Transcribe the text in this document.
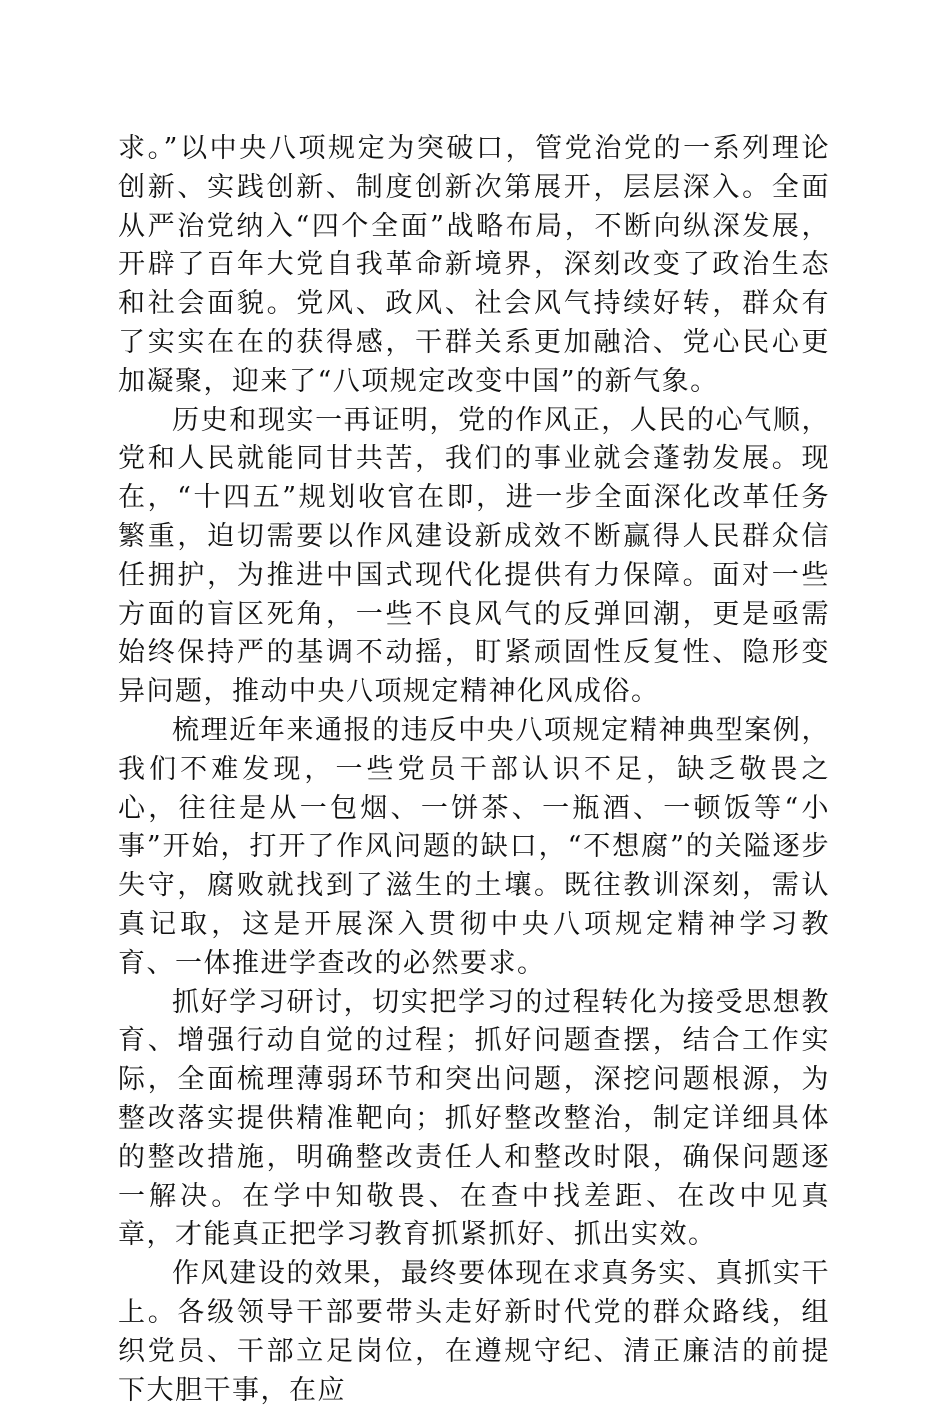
求。”以中央八项规定为突破口，管党治党的一系列理论创新、实践创新、制度创新次第展开，层层深入。全面从严治党纳入“四个全面”战略布局，不断向纵深发展，开辟了百年大党自我革命新境界，深刻改变了政治生态和社会面貌。党风、政风、社会风气持续好转，群众有了实实在在的获得感，干群关系更加融洽、党心民心更加凝聚，迎来了“八项规定改变中国”的新气象。

历史和现实一再证明，党的作风正，人民的心气顺，党和人民就能同甘共苦，我们的事业就会蓬勃发展。现在，“十四五”规划收官在即，进一步全面深化改革任务繁重，迫切需要以作风建设新成效不断赢得人民群众信任拥护，为推进中国式现代化提供有力保障。面对一些方面的盲区死角，一些不良风气的反弹回潮，更是亟需始终保持严的基调不动摇，盯紧顽固性反复性、隐形变异问题，推动中央八项规定精神化风成俗。

梳理近年来通报的违反中央八项规定精神典型案例，我们不难发现，一些党员干部认识不足，缺乏敬畏之心，往往是从一包烟、一饼茶、一瓶酒、一顿饭等“小事”开始，打开了作风问题的缺口，“不想腐”的关隘逐步失守，腐败就找到了滋生的土壤。既往教训深刻，需认真记取，这是开展深入贯彻中央八项规定精神学习教育、一体推进学查改的必然要求。

抓好学习研讨，切实把学习的过程转化为接受思想教育、增强行动自觉的过程；抓好问题查摆，结合工作实际，全面梳理薄弱环节和突出问题，深挖问题根源，为整改落实提供精准靶向；抓好整改整治，制定详细具体的整改措施，明确整改责任人和整改时限，确保问题逐一解决。在学中知敬畏、在查中找差距、在改中见真章，才能真正把学习教育抓紧抓好、抓出实效。

作风建设的效果，最终要体现在求真务实、真抓实干上。各级领导干部要带头走好新时代党的群众路线，组织党员、干部立足岗位，在遵规守纪、清正廉洁的前提下大胆干事，在应
